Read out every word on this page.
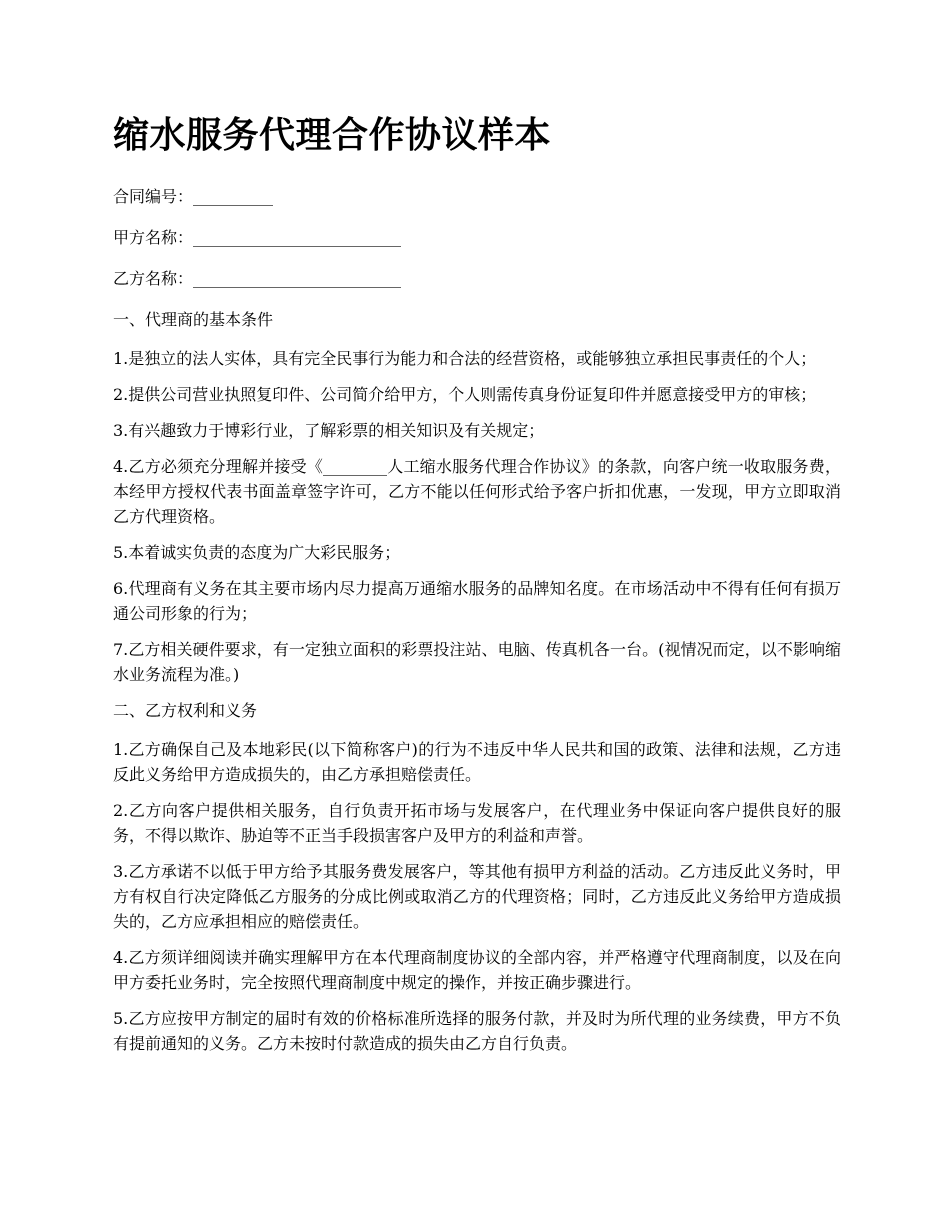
缩水服务代理合作协议样本

合同编号：__________

甲方名称：__________________________

乙方名称：__________________________

一、代理商的基本条件

1.是独立的法人实体，具有完全民事行为能力和合法的经营资格，或能够独立承担民事责任的个人；

2.提供公司营业执照复印件、公司简介给甲方，个人则需传真身份证复印件并愿意接受甲方的审核；

3.有兴趣致力于博彩行业，了解彩票的相关知识及有关规定；

4.乙方必须充分理解并接受《________人工缩水服务代理合作协议》的条款，向客户统一收取服务费，本经甲方授权代表书面盖章签字许可，乙方不能以任何形式给予客户折扣优惠，一发现，甲方立即取消乙方代理资格。

5.本着诚实负责的态度为广大彩民服务；

6.代理商有义务在其主要市场内尽力提高万通缩水服务的品牌知名度。在市场活动中不得有任何有损万通公司形象的行为；

7.乙方相关硬件要求，有一定独立面积的彩票投注站、电脑、传真机各一台。(视情况而定，以不影响缩水业务流程为准。)

二、乙方权利和义务

1.乙方确保自己及本地彩民(以下简称客户)的行为不违反中华人民共和国的政策、法律和法规，乙方违反此义务给甲方造成损失的，由乙方承担赔偿责任。

2.乙方向客户提供相关服务，自行负责开拓市场与发展客户，在代理业务中保证向客户提供良好的服务，不得以欺诈、胁迫等不正当手段损害客户及甲方的利益和声誉。

3.乙方承诺不以低于甲方给予其服务费发展客户，等其他有损甲方利益的活动。乙方违反此义务时，甲方有权自行决定降低乙方服务的分成比例或取消乙方的代理资格；同时，乙方违反此义务给甲方造成损失的，乙方应承担相应的赔偿责任。

4.乙方须详细阅读并确实理解甲方在本代理商制度协议的全部内容，并严格遵守代理商制度，以及在向甲方委托业务时，完全按照代理商制度中规定的操作，并按正确步骤进行。

5.乙方应按甲方制定的届时有效的价格标准所选择的服务付款，并及时为所代理的业务续费，甲方不负有提前通知的义务。乙方未按时付款造成的损失由乙方自行负责。
